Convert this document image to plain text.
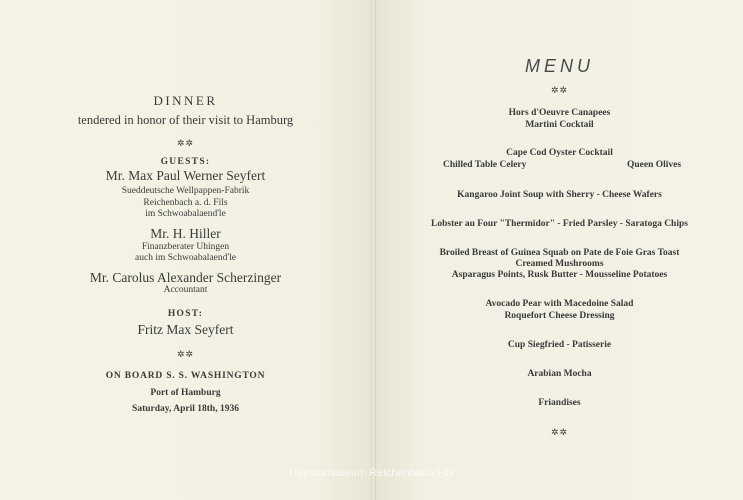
DINNER
tendered in honor of their visit to Hamburg
✲✲
GUESTS:
Mr. Max Paul Werner Seyfert
Sueddeutsche Wellpappen-Fabrik
Reichenbach a. d. Fils
im Schwoabalaend'le
Mr. H. Hiller
Finanzberater Uhingen
auch im Schwoabalaend'le
Mr. Carolus Alexander Scherzinger
Accountant
HOST:
Fritz Max Seyfert
✲✲
ON BOARD S. S. WASHINGTON
Port of Hamburg
Saturday, April 18th, 1936
MENU
✲✲
Hors d'Oeuvre Canapees
Martini Cocktail
Cape Cod Oyster Cocktail
Chilled Table Celery	Queen Olives
Kangaroo Joint Soup with Sherry - Cheese Wafers
Lobster au Four "Thermidor" - Fried Parsley - Saratoga Chips
Broiled Breast of Guinea Squab on Pate de Foie Gras Toast
Creamed Mushrooms
Asparagus Points, Rusk Butter - Mousseline Potatoes
Avocado Pear with Macedoine Salad
Roquefort Cheese Dressing
Cup Siegfried - Patisserie
Arabian Mocha
Friandises
✲✲
Heimatmuseum Reichenbach/Fils
